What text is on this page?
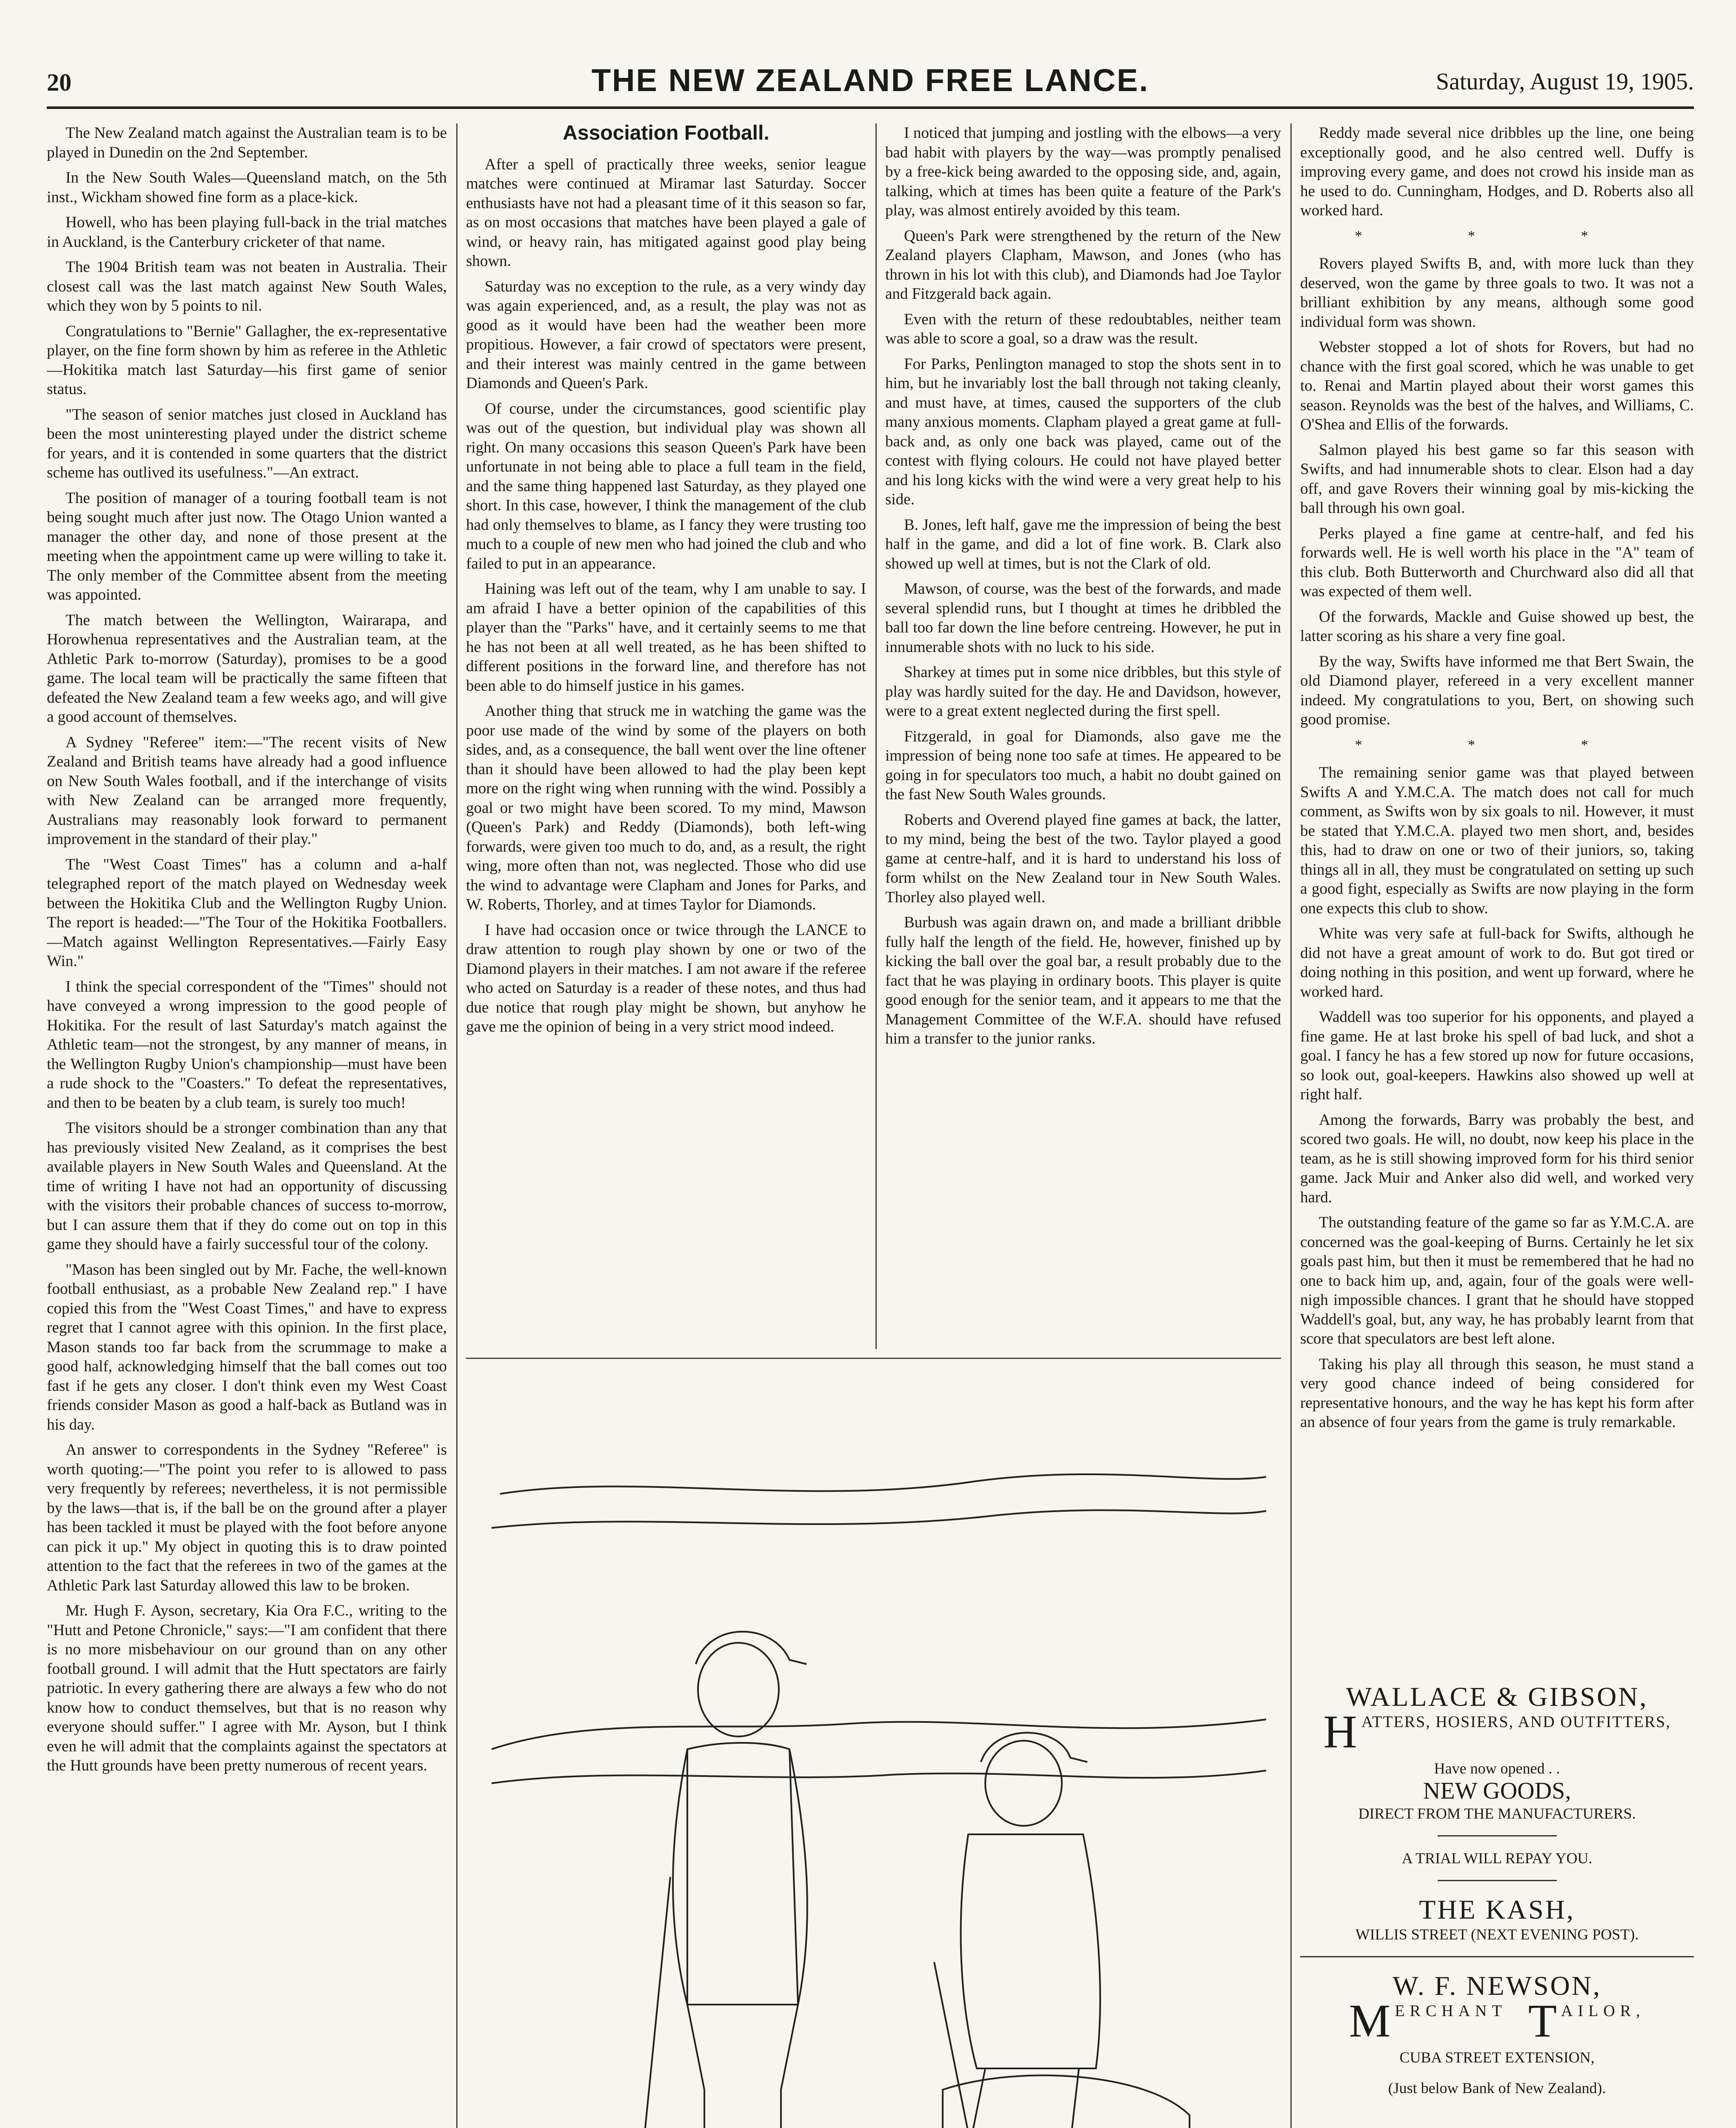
20	THE NEW ZEALAND FREE LANCE.	Saturday, August 19, 1905.

The New Zealand match against the Australian team is to be played in Dunedin on the 2nd September.

In the New South Wales—Queensland match, on the 5th inst., Wickham showed fine form as a place-kick.

Howell, who has been playing full-back in the trial matches in Auckland, is the Canterbury cricketer of that name.

The 1904 British team was not beaten in Australia. Their closest call was the last match against New South Wales, which they won by 5 points to nil.

Congratulations to "Bernie" Gallagher, the ex-representative player, on the fine form shown by him as referee in the Athletic—Hokitika match last Saturday—his first game of senior status.

"The season of senior matches just closed in Auckland has been the most uninteresting played under the district scheme for years, and it is contended in some quarters that the district scheme has outlived its usefulness."—An extract.

The position of manager of a touring football team is not being sought much after just now. The Otago Union wanted a manager the other day, and none of those present at the meeting when the appointment came up were willing to take it. The only member of the Committee absent from the meeting was appointed.

The match between the Wellington, Wairarapa, and Horowhenua representatives and the Australian team, at the Athletic Park to-morrow (Saturday), promises to be a good game. The local team will be practically the same fifteen that defeated the New Zealand team a few weeks ago, and will give a good account of themselves.

A Sydney "Referee" item:—"The recent visits of New Zealand and British teams have already had a good influence on New South Wales football, and if the interchange of visits with New Zealand can be arranged more frequently, Australians may reasonably look forward to permanent improvement in the standard of their play."

The "West Coast Times" has a column and a-half telegraphed report of the match played on Wednesday week between the Hokitika Club and the Wellington Rugby Union. The report is headed:—"The Tour of the Hokitika Footballers.—Match against Wellington Representatives.—Fairly Easy Win."

I think the special correspondent of the "Times" should not have conveyed a wrong impression to the good people of Hokitika. For the result of last Saturday's match against the Athletic team—not the strongest, by any manner of means, in the Wellington Rugby Union's championship—must have been a rude shock to the "Coasters." To defeat the representatives, and then to be beaten by a club team, is surely too much!

The visitors should be a stronger combination than any that has previously visited New Zealand, as it comprises the best available players in New South Wales and Queensland. At the time of writing I have not had an opportunity of discussing with the visitors their probable chances of success to-morrow, but I can assure them that if they do come out on top in this game they should have a fairly successful tour of the colony.

"Mason has been singled out by Mr. Fache, the well-known football enthusiast, as a probable New Zealand rep." I have copied this from the "West Coast Times," and have to express regret that I cannot agree with this opinion. In the first place, Mason stands too far back from the scrummage to make a good half, acknowledging himself that the ball comes out too fast if he gets any closer. I don't think even my West Coast friends consider Mason as good a half-back as Butland was in his day.

An answer to correspondents in the Sydney "Referee" is worth quoting:—"The point you refer to is allowed to pass very frequently by referees; nevertheless, it is not permissible by the laws—that is, if the ball be on the ground after a player has been tackled it must be played with the foot before anyone can pick it up." My object in quoting this is to draw pointed attention to the fact that the referees in two of the games at the Athletic Park last Saturday allowed this law to be broken.

Mr. Hugh F. Ayson, secretary, Kia Ora F.C., writing to the "Hutt and Petone Chronicle," says:—"I am confident that there is no more misbehaviour on our ground than on any other football ground. I will admit that the Hutt spectators are fairly patriotic. In every gathering there are always a few who do not know how to conduct themselves, but that is no reason why everyone should suffer." I agree with Mr. Ayson, but I think even he will admit that the complaints against the spectators at the Hutt grounds have been pretty numerous of recent years.

Association Football.

After a spell of practically three weeks, senior league matches were continued at Miramar last Saturday. Soccer enthusiasts have not had a pleasant time of it this season so far, as on most occasions that matches have been played a gale of wind, or heavy rain, has mitigated against good play being shown.

Saturday was no exception to the rule, as a very windy day was again experienced, and, as a result, the play was not as good as it would have been had the weather been more propitious. However, a fair crowd of spectators were present, and their interest was mainly centred in the game between Diamonds and Queen's Park.

Of course, under the circumstances, good scientific play was out of the question, but individual play was shown all right. On many occasions this season Queen's Park have been unfortunate in not being able to place a full team in the field, and the same thing happened last Saturday, as they played one short. In this case, however, I think the management of the club had only themselves to blame, as I fancy they were trusting too much to a couple of new men who had joined the club and who failed to put in an appearance.

Haining was left out of the team, why I am unable to say. I am afraid I have a better opinion of the capabilities of this player than the "Parks" have, and it certainly seems to me that he has not been at all well treated, as he has been shifted to different positions in the forward line, and therefore has not been able to do himself justice in his games.

Another thing that struck me in watching the game was the poor use made of the wind by some of the players on both sides, and, as a consequence, the ball went over the line oftener than it should have been allowed to had the play been kept more on the right wing when running with the wind. Possibly a goal or two might have been scored. To my mind, Mawson (Queen's Park) and Reddy (Diamonds), both left-wing forwards, were given too much to do, and, as a result, the right wing, more often than not, was neglected. Those who did use the wind to advantage were Clapham and Jones for Parks, and W. Roberts, Thorley, and at times Taylor for Diamonds.

I have had occasion once or twice through the LANCE to draw attention to rough play shown by one or two of the Diamond players in their matches. I am not aware if the referee who acted on Saturday is a reader of these notes, and thus had due notice that rough play might be shown, but anyhow he gave me the opinion of being in a very strict mood indeed.

I noticed that jumping and jostling with the elbows—a very bad habit with players by the way—was promptly penalised by a free-kick being awarded to the opposing side, and, again, talking, which at times has been quite a feature of the Park's play, was almost entirely avoided by this team.

Queen's Park were strengthened by the return of the New Zealand players Clapham, Mawson, and Jones (who has thrown in his lot with this club), and Diamonds had Joe Taylor and Fitzgerald back again.

Even with the return of these redoubtables, neither team was able to score a goal, so a draw was the result.

For Parks, Penlington managed to stop the shots sent in to him, but he invariably lost the ball through not taking cleanly, and must have, at times, caused the supporters of the club many anxious moments. Clapham played a great game at full-back and, as only one back was played, came out of the contest with flying colours. He could not have played better and his long kicks with the wind were a very great help to his side.

B. Jones, left half, gave me the impression of being the best half in the game, and did a lot of fine work. B. Clark also showed up well at times, but is not the Clark of old.

Mawson, of course, was the best of the forwards, and made several splendid runs, but I thought at times he dribbled the ball too far down the line before centreing. However, he put in innumerable shots with no luck to his side.

Sharkey at times put in some nice dribbles, but this style of play was hardly suited for the day. He and Davidson, however, were to a great extent neglected during the first spell.

Fitzgerald, in goal for Diamonds, also gave me the impression of being none too safe at times. He appeared to be going in for speculators too much, a habit no doubt gained on the fast New South Wales grounds.

Roberts and Overend played fine games at back, the latter, to my mind, being the best of the two. Taylor played a good game at centre-half, and it is hard to understand his loss of form whilst on the New Zealand tour in New South Wales. Thorley also played well.

Burbush was again drawn on, and made a brilliant dribble fully half the length of the field. He, however, finished up by kicking the ball over the goal bar, a result probably due to the fact that he was playing in ordinary boots. This player is quite good enough for the senior team, and it appears to me that the Management Committee of the W.F.A. should have refused him a transfer to the junior ranks.

Reddy made several nice dribbles up the line, one being exceptionally good, and he also centred well. Duffy is improving every game, and does not crowd his inside man as he used to do. Cunningham, Hodges, and D. Roberts also all worked hard.

* * *

Rovers played Swifts B, and, with more luck than they deserved, won the game by three goals to two. It was not a brilliant exhibition by any means, although some good individual form was shown.

Webster stopped a lot of shots for Rovers, but had no chance with the first goal scored, which he was unable to get to. Renai and Martin played about their worst games this season. Reynolds was the best of the halves, and Williams, C. O'Shea and Ellis of the forwards.

Salmon played his best game so far this season with Swifts, and had innumerable shots to clear. Elson had a day off, and gave Rovers their winning goal by mis-kicking the ball through his own goal.

Perks played a fine game at centre-half, and fed his forwards well. He is well worth his place in the "A" team of this club. Both Butterworth and Churchward also did all that was expected of them well.

Of the forwards, Mackle and Guise showed up best, the latter scoring as his share a very fine goal.

By the way, Swifts have informed me that Bert Swain, the old Diamond player, refereed in a very excellent manner indeed. My congratulations to you, Bert, on showing such good promise.

* * *

The remaining senior game was that played between Swifts A and Y.M.C.A. The match does not call for much comment, as Swifts won by six goals to nil. However, it must be stated that Y.M.C.A. played two men short, and, besides this, had to draw on one or two of their juniors, so, taking things all in all, they must be congratulated on setting up such a good fight, especially as Swifts are now playing in the form one expects this club to show.

White was very safe at full-back for Swifts, although he did not have a great amount of work to do. But got tired or doing nothing in this position, and went up forward, where he worked hard.

Waddell was too superior for his opponents, and played a fine game. He at last broke his spell of bad luck, and shot a goal. I fancy he has a few stored up now for future occasions, so look out, goal-keepers. Hawkins also showed up well at right half.

Among the forwards, Barry was probably the best, and scored two goals. He will, no doubt, now keep his place in the team, as he is still showing improved form for his third senior game. Jack Muir and Anker also did well, and worked very hard.

The outstanding feature of the game so far as Y.M.C.A. are concerned was the goal-keeping of Burns. Certainly he let six goals past him, but then it must be remembered that he had no one to back him up, and, again, four of the goals were well-nigh impossible chances. I grant that he should have stopped Waddell's goal, but, any way, he has probably learnt from that score that speculators are best left alone.

Taking his play all through this season, he must stand a very good chance indeed of being considered for representative honours, and the way he has kept his form after an absence of four years from the game is truly remarkable.

WALLACE & GIBSON,
H ATTERS, HOSIERS, AND OUTFITTERS,
Have now opened . .
NEW GOODS,
DIRECT FROM THE MANUFACTURERS.
A TRIAL WILL REPAY YOU.
THE KASH,
WILLIS STREET (NEXT EVENING POST).
W. F. NEWSON,
M ERCHANT T AILOR,
CUBA STREET EXTENSION,
(Just below Bank of New Zealand).
